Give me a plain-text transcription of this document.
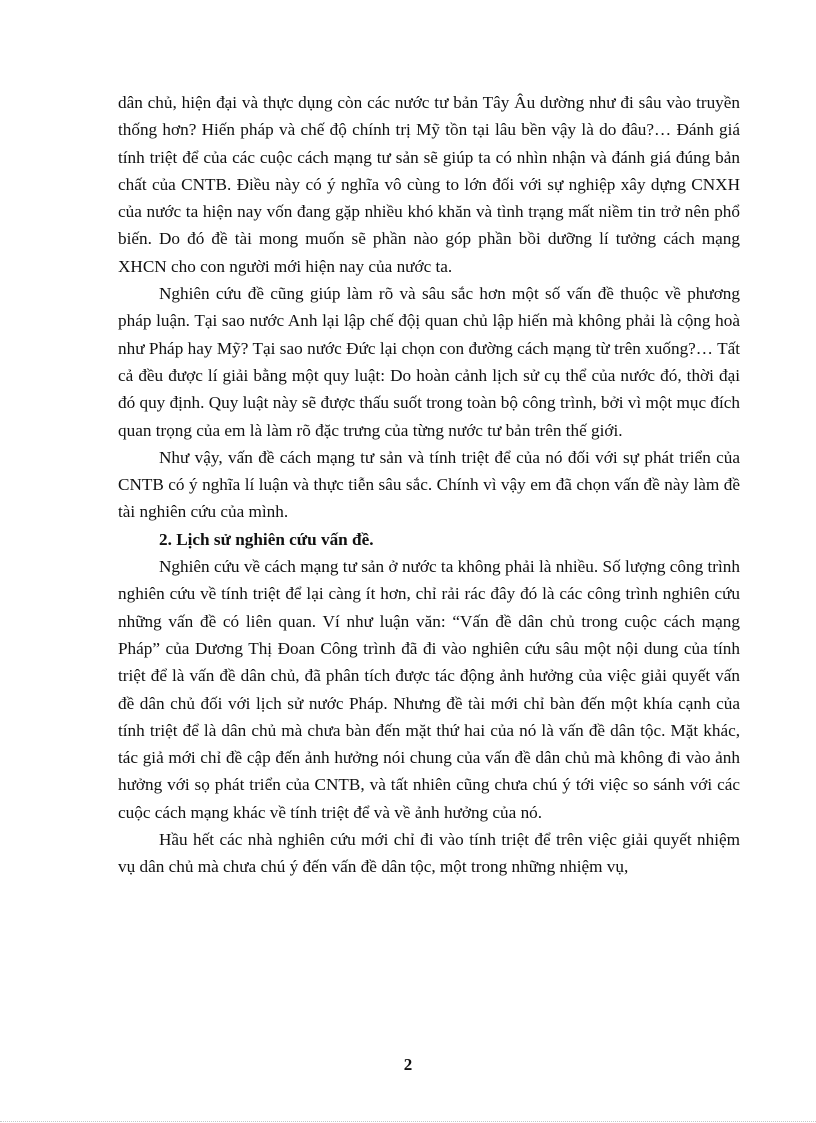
dân chủ, hiện đại và thực dụng còn các nước tư bản Tây Âu dường như đi sâu vào truyền thống hơn? Hiến pháp và chế độ chính trị Mỹ tồn tại lâu bền vậy là do đâu?… Đánh giá tính triệt để của các cuộc cách mạng tư sản sẽ giúp ta có nhìn nhận và đánh giá đúng bản chất của CNTB. Điều này có ý nghĩa vô cùng to lớn đối với sự nghiệp xây dựng CNXH của nước ta hiện nay vốn đang gặp nhiều khó khăn và tình trạng mất niềm tin trở nên phổ biến. Do đó đề tài mong muốn sẽ phần nào góp phần bồi dưỡng lí tưởng cách mạng XHCN cho con người mới hiện nay của nước ta.

Nghiên cứu đề cũng giúp làm rõ và sâu sắc hơn một số vấn đề thuộc về phương pháp luận. Tại sao nước Anh lại lập chế độị quan chủ lập hiến mà không phải là cộng hoà như Pháp hay Mỹ? Tại sao nước Đức lại chọn con đường cách mạng từ trên xuống?… Tất cả đều được lí giải bằng một quy luật: Do hoàn cảnh lịch sử cụ thể của nước đó, thời đại đó quy định. Quy luật này sẽ được thấu suốt trong toàn bộ công trình, bởi vì một mục đích quan trọng của em là làm rõ đặc trưng của từng nước tư bản trên thế giới.

Như vậy, vấn đề cách mạng tư sản và tính triệt để của nó đối với sự phát triển của CNTB có ý nghĩa lí luận và thực tiễn sâu sắc. Chính vì vậy em đã chọn vấn đề này làm đề tài nghiên cứu của mình.

2. Lịch sử nghiên cứu vấn đề.

Nghiên cứu về cách mạng tư sản ở nước ta không phải là nhiều. Số lượng công trình nghiên cứu về tính triệt để lại càng ít hơn, chỉ rải rác đây đó là các công trình nghiên cứu những vấn đề có liên quan. Ví như luận văn: “Vấn đề dân chủ trong cuộc cách mạng Pháp” của Dương Thị Đoan Công trình đã đi vào nghiên cứu sâu một nội dung của tính triệt để là vấn đề dân chủ, đã phân tích được tác động ảnh hưởng của việc giải quyết vấn đề dân chủ đối với lịch sử nước Pháp. Nhưng đề tài mới chỉ bàn đến một khía cạnh của tính triệt để là dân chủ mà chưa bàn đến mặt thứ hai của nó là vấn đề dân tộc. Mặt khác, tác giả mới chỉ đề cập đến ảnh hưởng nói chung của vấn đề dân chủ mà không đi vào ảnh hưởng với sọ phát triển của CNTB, và tất nhiên cũng chưa chú ý tới việc so sánh với các cuộc cách mạng khác về tính triệt để và về ảnh hưởng của nó.

Hầu hết các nhà nghiên cứu mới chỉ đi vào tính triệt để trên việc giải quyết nhiệm vụ dân chủ mà chưa chú ý đến vấn đề dân tộc, một trong những nhiệm vụ,

2
